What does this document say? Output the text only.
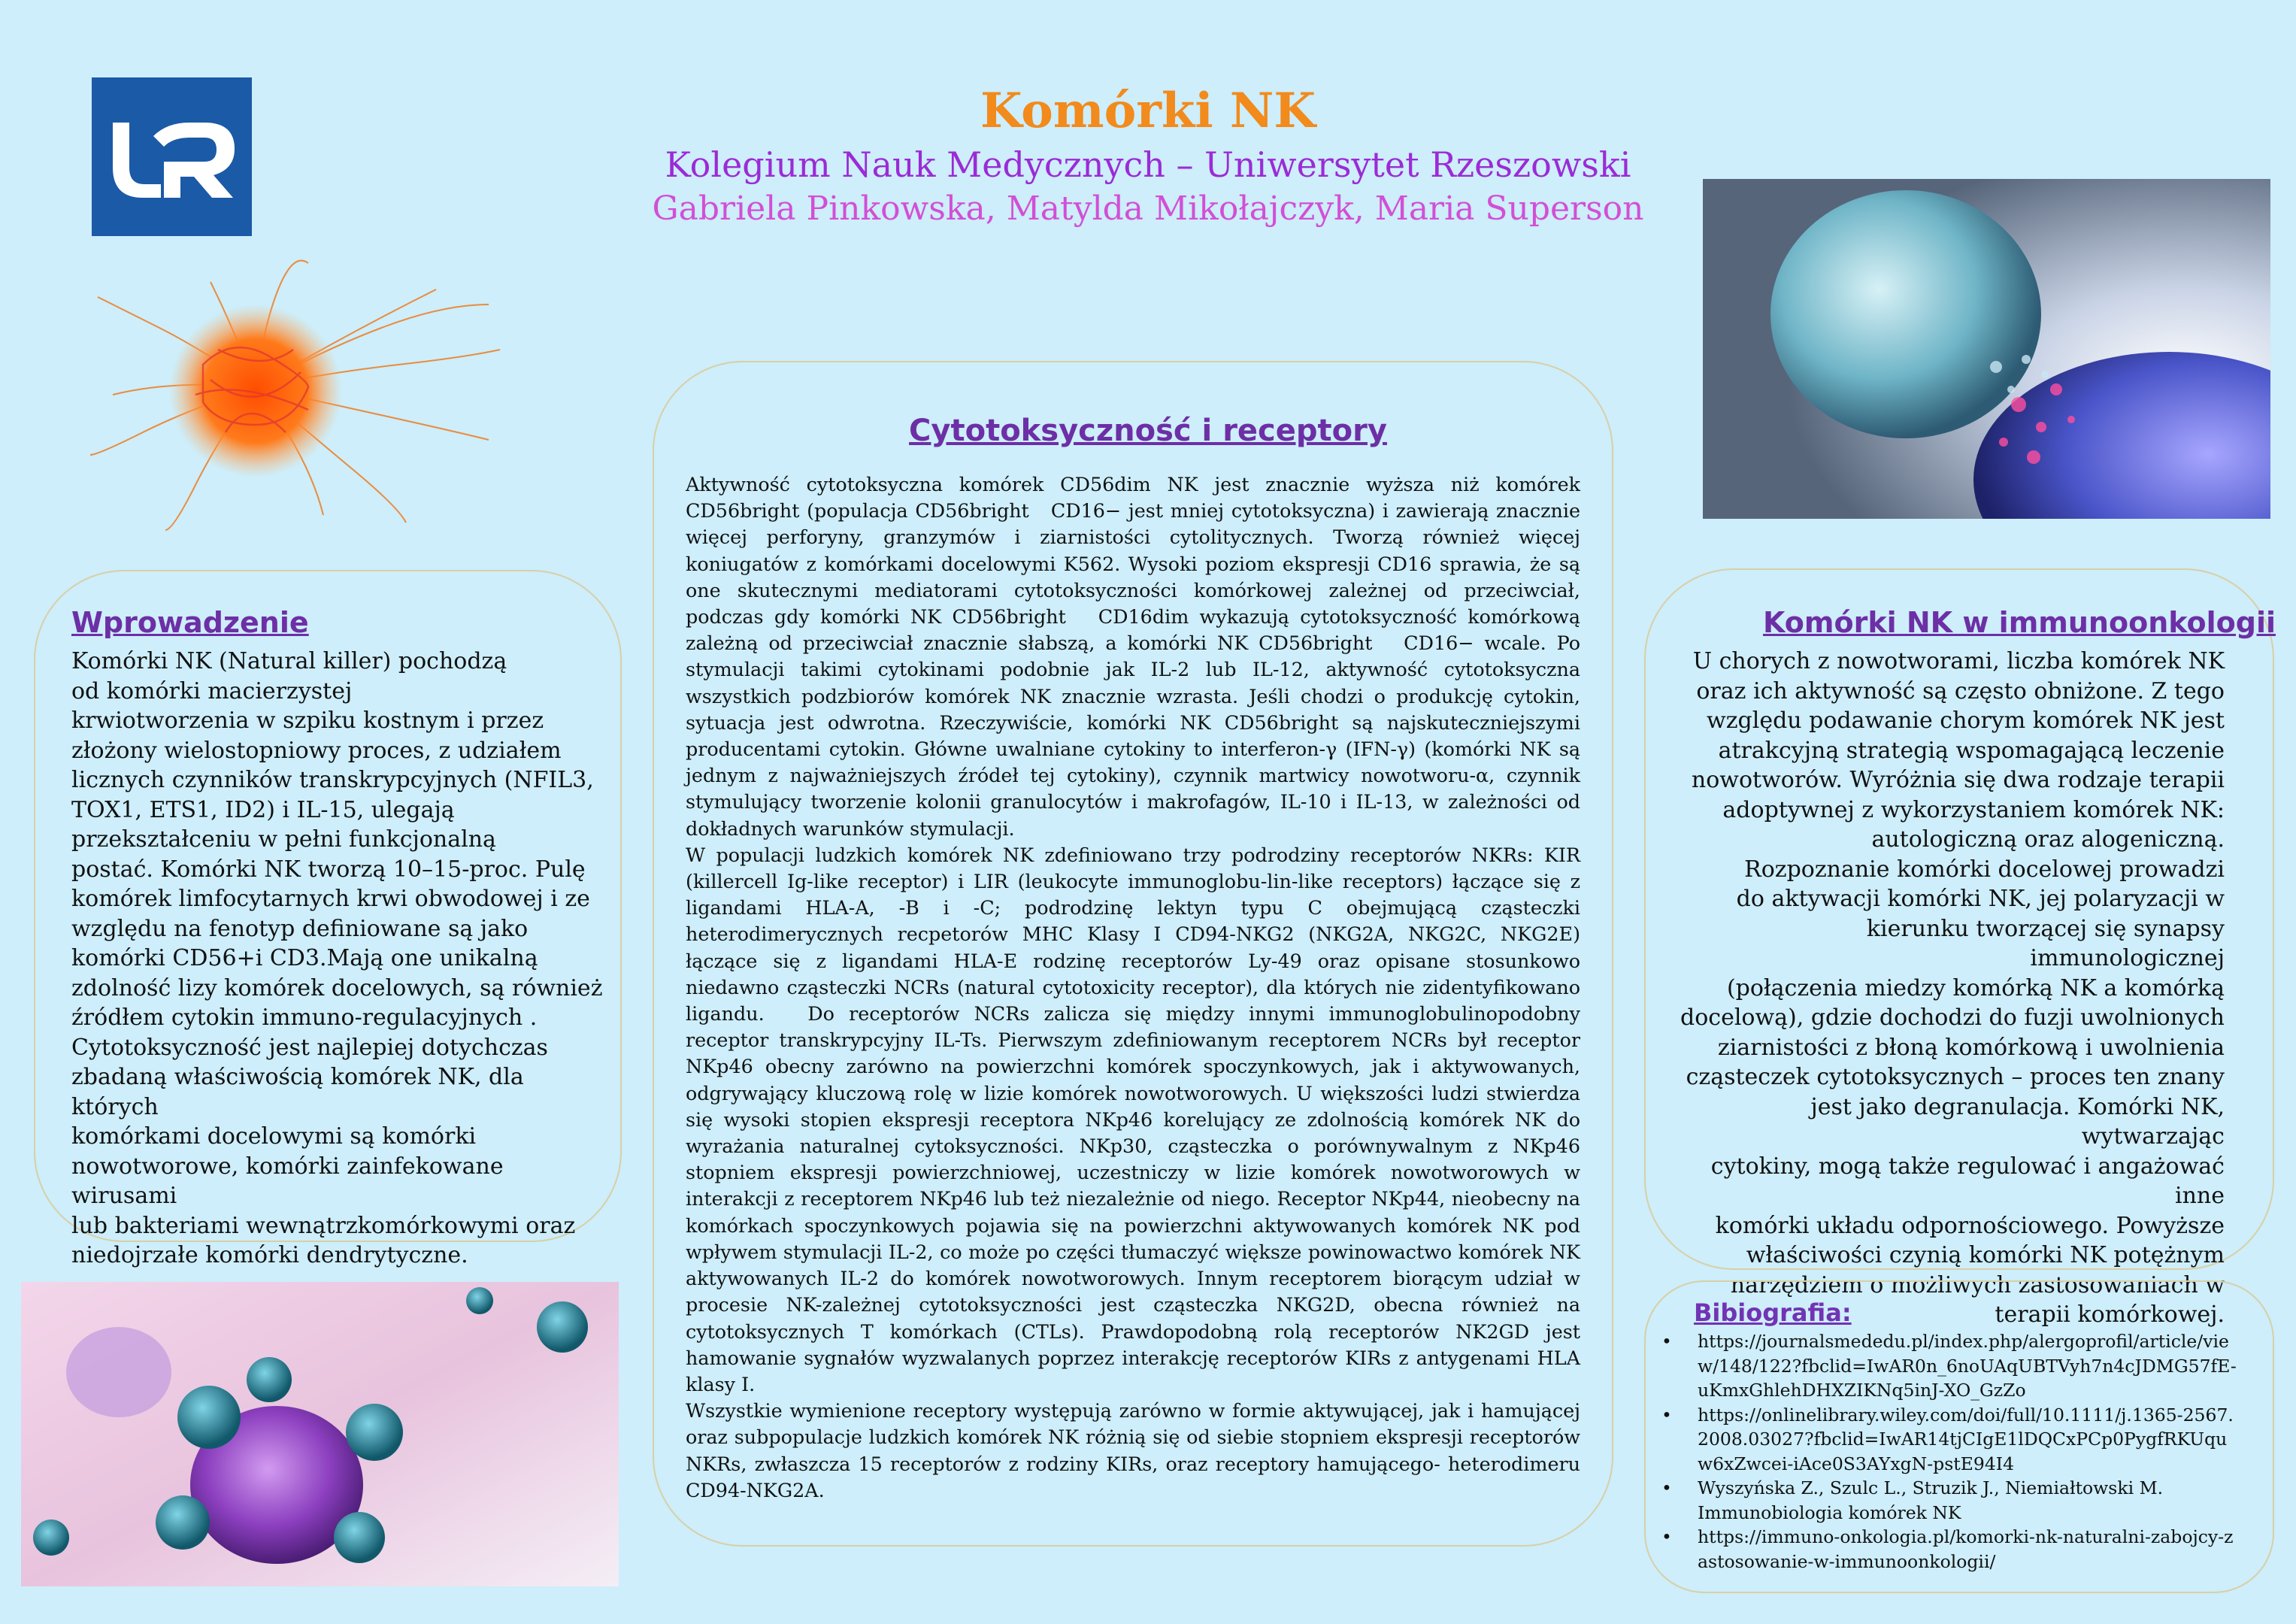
Komórki NK
Kolegium Nauk Medycznych – Uniwersytet Rzeszowski
Gabriela Pinkowska, Matylda Mikołajczyk, Maria Superson
Wprowadzenie

Komórki NK (Natural killer) pochodzą
od komórki macierzystej
krwiotworzenia w szpiku kostnym i przez
złożony wielostopniowy proces, z udziałem
licznych czynników transkrypcyjnych (NFIL3,
TOX1, ETS1, ID2) i IL-15, ulegają
przekształceniu w pełni funkcjonalną
postać. Komórki NK tworzą 10–15-proc. Pulę
komórek limfocytarnych krwi obwodowej i ze
względu na fenotyp definiowane są jako
komórki CD56+i CD3.Mają one unikalną
zdolność lizy komórek docelowych, są również
źródłem cytokin immuno-regulacyjnych .
Cytotoksyczność jest najlepiej dotychczas
zbadaną właściwością komórek NK, dla których
komórkami docelowymi są komórki
nowotworowe, komórki zainfekowane wirusami
lub bakteriami wewnątrzkomórkowymi oraz
niedojrzałe komórki dendrytyczne.

Cytotoksyczność i receptory

Aktywność cytotoksyczna komórek CD56dim NK jest znacznie wyższa niż komórek CD56bright (populacja CD56bright   CD16− jest mniej cytotoksyczna) i zawierają znacznie więcej perforyny, granzymów i ziarnistości cytolitycznych. Tworzą również więcej koniugatów z komórkami docelowymi K562. Wysoki poziom ekspresji CD16 sprawia, że są one skutecznymi mediatorami cytotoksyczności komórkowej zależnej od przeciwciał, podczas gdy komórki NK CD56bright   CD16dim wykazują cytotoksyczność komórkową zależną od przeciwciał znacznie słabszą, a komórki NK CD56bright   CD16− wcale. Po stymulacji takimi cytokinami podobnie jak IL-2 lub IL-12, aktywność cytotoksyczna wszystkich podzbiorów komórek NK znacznie wzrasta. Jeśli chodzi o produkcję cytokin, sytuacja jest odwrotna. Rzeczywiście, komórki NK CD56bright są najskuteczniejszymi producentami cytokin. Główne uwalniane cytokiny to interferon-γ (IFN-γ) (komórki NK są jednym z najważniejszych źródeł tej cytokiny), czynnik martwicy nowotworu-α, czynnik stymulujący tworzenie kolonii granulocytów i makrofagów, IL-10 i IL-13, w zależności od dokładnych warunków stymulacji.
W populacji ludzkich komórek NK zdefiniowano trzy podrodziny receptorów NKRs: KIR (killercell Ig-like receptor) i LIR (leukocyte immunoglobu-lin-like receptors) łączące się z ligandami HLA-A, -B i -C; podrodzinę lektyn typu C obejmującą cząsteczki heterodimerycznych recpetorów MHC Klasy I CD94-NKG2 (NKG2A, NKG2C, NKG2E) łączące się z ligandami HLA-E rodzinę receptorów Ly-49 oraz opisane stosunkowo niedawno cząsteczki NCRs (natural cytotoxicity receptor), dla których nie zidentyfikowano ligandu.   Do receptorów NCRs zalicza się między innymi immunoglobulinopodobny receptor transkrypcyjny IL-Ts. Pierwszym zdefiniowanym receptorem NCRs był receptor NKp46 obecny zarówno na powierzchni komórek spoczynkowych, jak i aktywowanych, odgrywający kluczową rolę w lizie komórek nowotworowych. U większości ludzi stwierdza się wysoki stopien ekspresji receptora NKp46 korelujący ze zdolnością komórek NK do wyrażania naturalnej cytoksyczności. NKp30, cząsteczka o porównywalnym z NKp46 stopniem ekspresji powierzchniowej, uczestniczy w lizie komórek nowotworowych w interakcji z receptorem NKp46 lub też niezależnie od niego. Receptor NKp44, nieobecny na komórkach spoczynkowych pojawia się na powierzchni aktywowanych komórek NK pod wpływem stymulacji IL-2, co może po części tłumaczyć większe powinowactwo komórek NK aktywowanych IL-2 do komórek nowotworowych. Innym receptorem biorącym udział w procesie NK-zależnej cytotoksyczności jest cząsteczka NKG2D, obecna również na cytotoksycznych T komórkach (CTLs). Prawdopodobną rolą receptorów NK2GD jest hamowanie sygnałów wyzwalanych poprzez interakcję receptorów KIRs z antygenami HLA klasy I.
Wszystkie wymienione receptory występują zarówno w formie aktywującej, jak i hamującej oraz subpopulacje ludzkich komórek NK różnią się od siebie stopniem ekspresji receptorów NKRs, zwłaszcza 15 receptorów z rodziny KIRs, oraz receptory hamującego- heterodimeru CD94-NKG2A.

Komórki NK w immunoonkologii

U chorych z nowotworami, liczba komórek NK
oraz ich aktywność są często obniżone. Z tego
względu podawanie chorym komórek NK jest
atrakcyjną strategią wspomagającą leczenie
nowotworów. Wyróżnia się dwa rodzaje terapii
adoptywnej z wykorzystaniem komórek NK:
autologiczną oraz alogeniczną.
Rozpoznanie komórki docelowej prowadzi
do aktywacji komórki NK, jej polaryzacji w
kierunku tworzącej się synapsy immunologicznej
(połączenia miedzy komórką NK a komórką
docelową), gdzie dochodzi do fuzji uwolnionych
ziarnistości z błoną komórkową i uwolnienia
cząsteczek cytotoksycznych – proces ten znany
jest jako degranulacja. Komórki NK, wytwarzając
cytokiny, mogą także regulować i angażować inne
komórki układu odpornościowego. Powyższe
właściwości czynią komórki NK potężnym
narzędziem o możliwych zastosowaniach w
terapii komórkowej.

Bibiografia:
• https://journalsmededu.pl/index.php/alergoprofil/article/view/148/122?fbclid=IwAR0n_6noUAqUBTVyh7n4cJDMG57fE-uKmxGhlehDHXZIKNq5inJ-XO_GzZo
• https://onlinelibrary.wiley.com/doi/full/10.1111/j.1365-2567.2008.03027?fbclid=IwAR14tjCIgE1lDQCxPCp0PygfRKUquw6xZwcei-iAce0S3AYxgN-pstE94I4
• Wyszyńska Z., Szulc L., Struzik J., Niemiałtowski M. Immunobiologia komórek NK
• https://immuno-onkologia.pl/komorki-nk-naturalni-zabojcy-zastosowanie-w-immunoonkologii/
